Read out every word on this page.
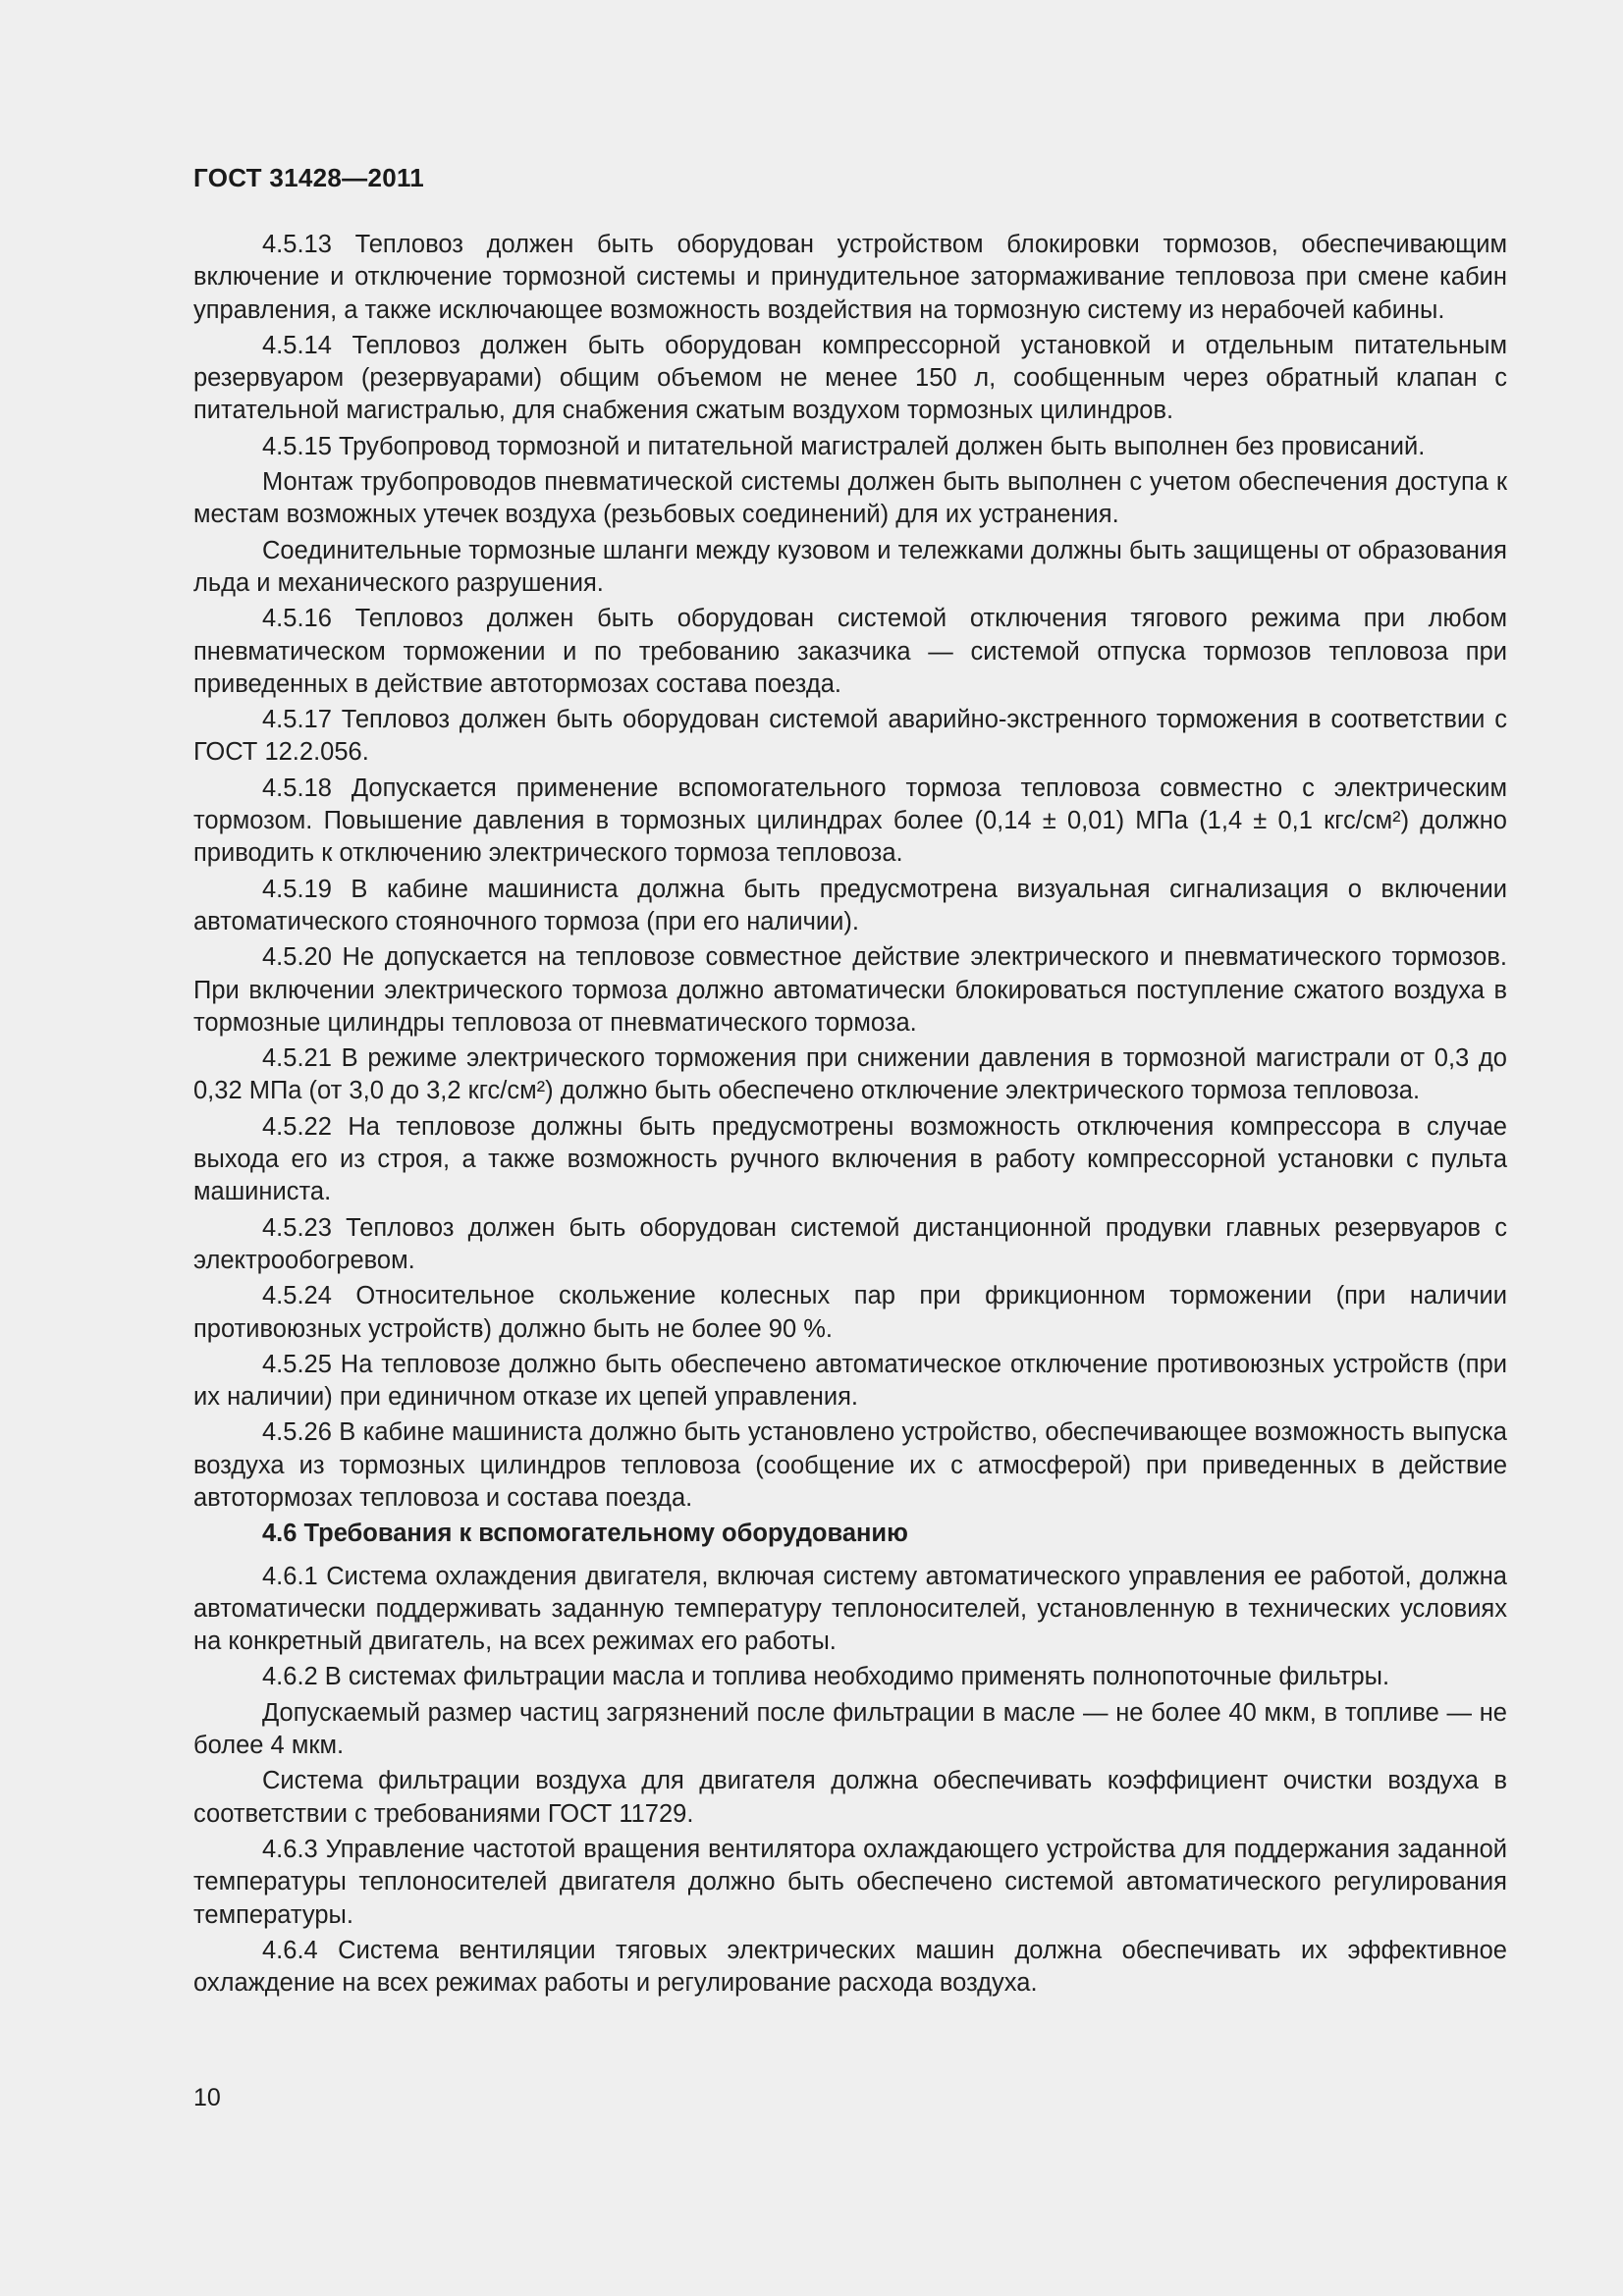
ГОСТ 31428—2011

4.5.13 Тепловоз должен быть оборудован устройством блокировки тормозов, обеспечивающим включение и отключение тормозной системы и принудительное затормаживание тепловоза при смене кабин управления, а также исключающее возможность воздействия на тормозную систему из нерабочей кабины.

4.5.14 Тепловоз должен быть оборудован компрессорной установкой и отдельным питательным резервуаром (резервуарами) общим объемом не менее 150 л, сообщенным через обратный клапан с питательной магистралью, для снабжения сжатым воздухом тормозных цилиндров.

4.5.15 Трубопровод тормозной и питательной магистралей должен быть выполнен без провисаний.

Монтаж трубопроводов пневматической системы должен быть выполнен с учетом обеспечения доступа к местам возможных утечек воздуха (резьбовых соединений) для их устранения.

Соединительные тормозные шланги между кузовом и тележками должны быть защищены от образования льда и механического разрушения.

4.5.16 Тепловоз должен быть оборудован системой отключения тягового режима при любом пневматическом торможении и по требованию заказчика — системой отпуска тормозов тепловоза при приведенных в действие автотормозах состава поезда.

4.5.17 Тепловоз должен быть оборудован системой аварийно-экстренного торможения в соответствии с ГОСТ 12.2.056.

4.5.18 Допускается применение вспомогательного тормоза тепловоза совместно с электрическим тормозом. Повышение давления в тормозных цилиндрах более (0,14 ± 0,01) МПа (1,4 ± 0,1 кгс/см²) должно приводить к отключению электрического тормоза тепловоза.

4.5.19 В кабине машиниста должна быть предусмотрена визуальная сигнализация о включении автоматического стояночного тормоза (при его наличии).

4.5.20 Не допускается на тепловозе совместное действие электрического и пневматического тормозов. При включении электрического тормоза должно автоматически блокироваться поступление сжатого воздуха в тормозные цилиндры тепловоза от пневматического тормоза.

4.5.21 В режиме электрического торможения при снижении давления в тормозной магистрали от 0,3 до 0,32 МПа (от 3,0 до 3,2 кгс/см²) должно быть обеспечено отключение электрического тормоза тепловоза.

4.5.22 На тепловозе должны быть предусмотрены возможность отключения компрессора в случае выхода его из строя, а также возможность ручного включения в работу компрессорной установки с пульта машиниста.

4.5.23 Тепловоз должен быть оборудован системой дистанционной продувки главных резервуаров с электрообогревом.

4.5.24 Относительное скольжение колесных пар при фрикционном торможении (при наличии противоюзных устройств) должно быть не более 90 %.

4.5.25 На тепловозе должно быть обеспечено автоматическое отключение противоюзных устройств (при их наличии) при единичном отказе их цепей управления.

4.5.26 В кабине машиниста должно быть установлено устройство, обеспечивающее возможность выпуска воздуха из тормозных цилиндров тепловоза (сообщение их с атмосферой) при приведенных в действие автотормозах тепловоза и состава поезда.

4.6 Требования к вспомогательному оборудованию

4.6.1 Система охлаждения двигателя, включая систему автоматического управления ее работой, должна автоматически поддерживать заданную температуру теплоносителей, установленную в технических условиях на конкретный двигатель, на всех режимах его работы.

4.6.2 В системах фильтрации масла и топлива необходимо применять полнопоточные фильтры.

Допускаемый размер частиц загрязнений после фильтрации в масле — не более 40 мкм, в топливе — не более 4 мкм.

Система фильтрации воздуха для двигателя должна обеспечивать коэффициент очистки воздуха в соответствии с требованиями ГОСТ 11729.

4.6.3 Управление частотой вращения вентилятора охлаждающего устройства для поддержания заданной температуры теплоносителей двигателя должно быть обеспечено системой автоматического регулирования температуры.

4.6.4 Система вентиляции тяговых электрических машин должна обеспечивать их эффективное охлаждение на всех режимах работы и регулирование расхода воздуха.

10
